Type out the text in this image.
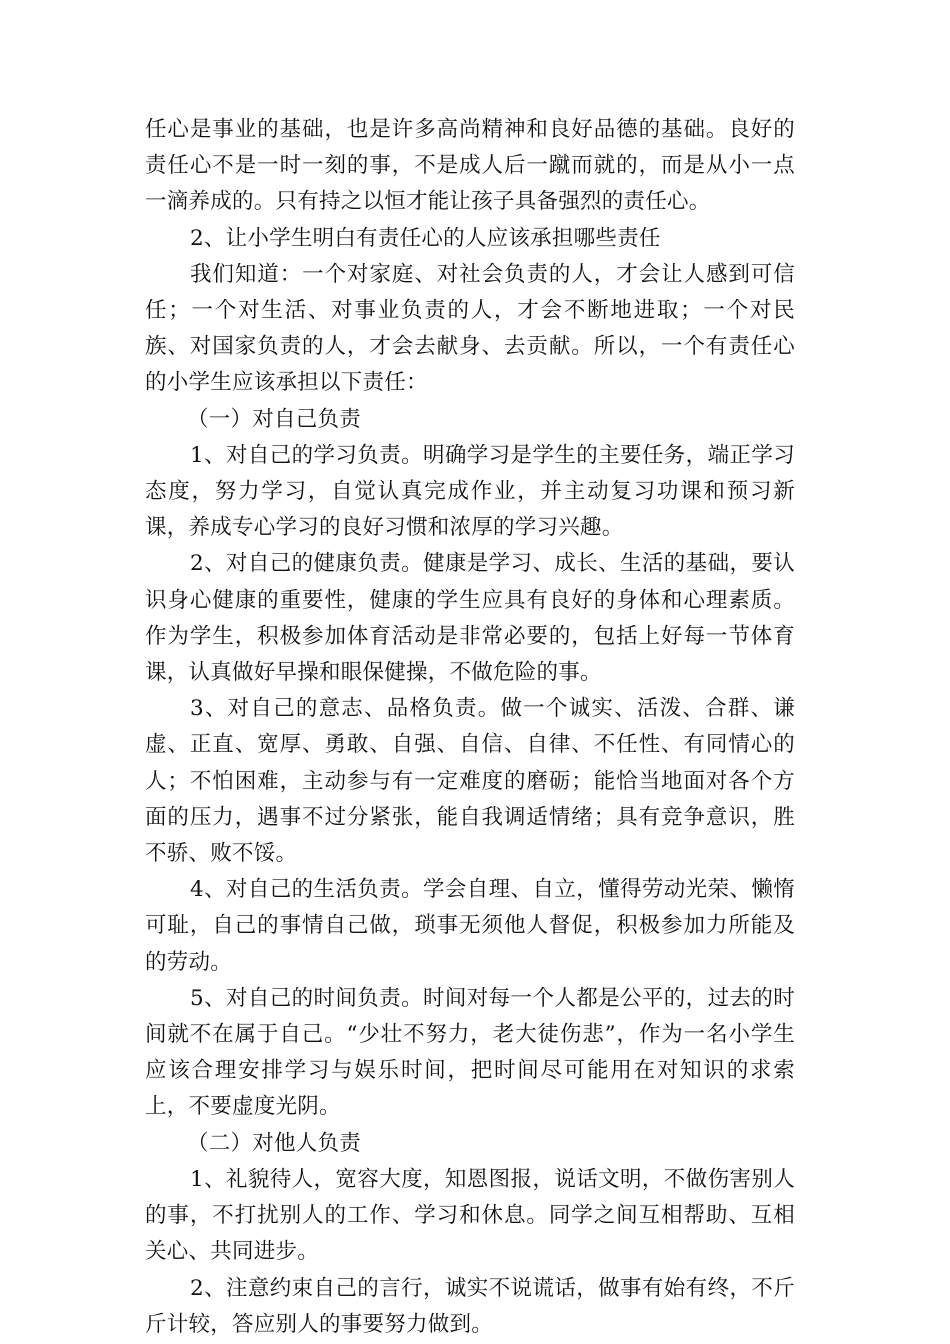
任心是事业的基础，也是许多高尚精神和良好品德的基础。良好的责任心不是一时一刻的事，不是成人后一蹴而就的，而是从小一点一滴养成的。只有持之以恒才能让孩子具备强烈的责任心。

2、让小学生明白有责任心的人应该承担哪些责任

我们知道：一个对家庭、对社会负责的人，才会让人感到可信任；一个对生活、对事业负责的人，才会不断地进取；一个对民族、对国家负责的人，才会去献身、去贡献。所以，一个有责任心的小学生应该承担以下责任：

（一）对自己负责

1、对自己的学习负责。明确学习是学生的主要任务，端正学习态度，努力学习，自觉认真完成作业，并主动复习功课和预习新课，养成专心学习的良好习惯和浓厚的学习兴趣。

2、对自己的健康负责。健康是学习、成长、生活的基础，要认识身心健康的重要性，健康的学生应具有良好的身体和心理素质。作为学生，积极参加体育活动是非常必要的，包括上好每一节体育课，认真做好早操和眼保健操，不做危险的事。

3、对自己的意志、品格负责。做一个诚实、活泼、合群、谦虚、正直、宽厚、勇敢、自强、自信、自律、不任性、有同情心的人；不怕困难，主动参与有一定难度的磨砺；能恰当地面对各个方面的压力，遇事不过分紧张，能自我调适情绪；具有竞争意识，胜不骄、败不馁。

4、对自己的生活负责。学会自理、自立，懂得劳动光荣、懒惰可耻，自己的事情自己做，琐事无须他人督促，积极参加力所能及的劳动。

5、对自己的时间负责。时间对每一个人都是公平的，过去的时间就不在属于自己。“少壮不努力，老大徒伤悲”，作为一名小学生应该合理安排学习与娱乐时间，把时间尽可能用在对知识的求索上，不要虚度光阴。

（二）对他人负责

1、礼貌待人，宽容大度，知恩图报，说话文明，不做伤害别人的事，不打扰别人的工作、学习和休息。同学之间互相帮助、互相关心、共同进步。

2、注意约束自己的言行，诚实不说谎话，做事有始有终，不斤斤计较，答应别人的事要努力做到。
